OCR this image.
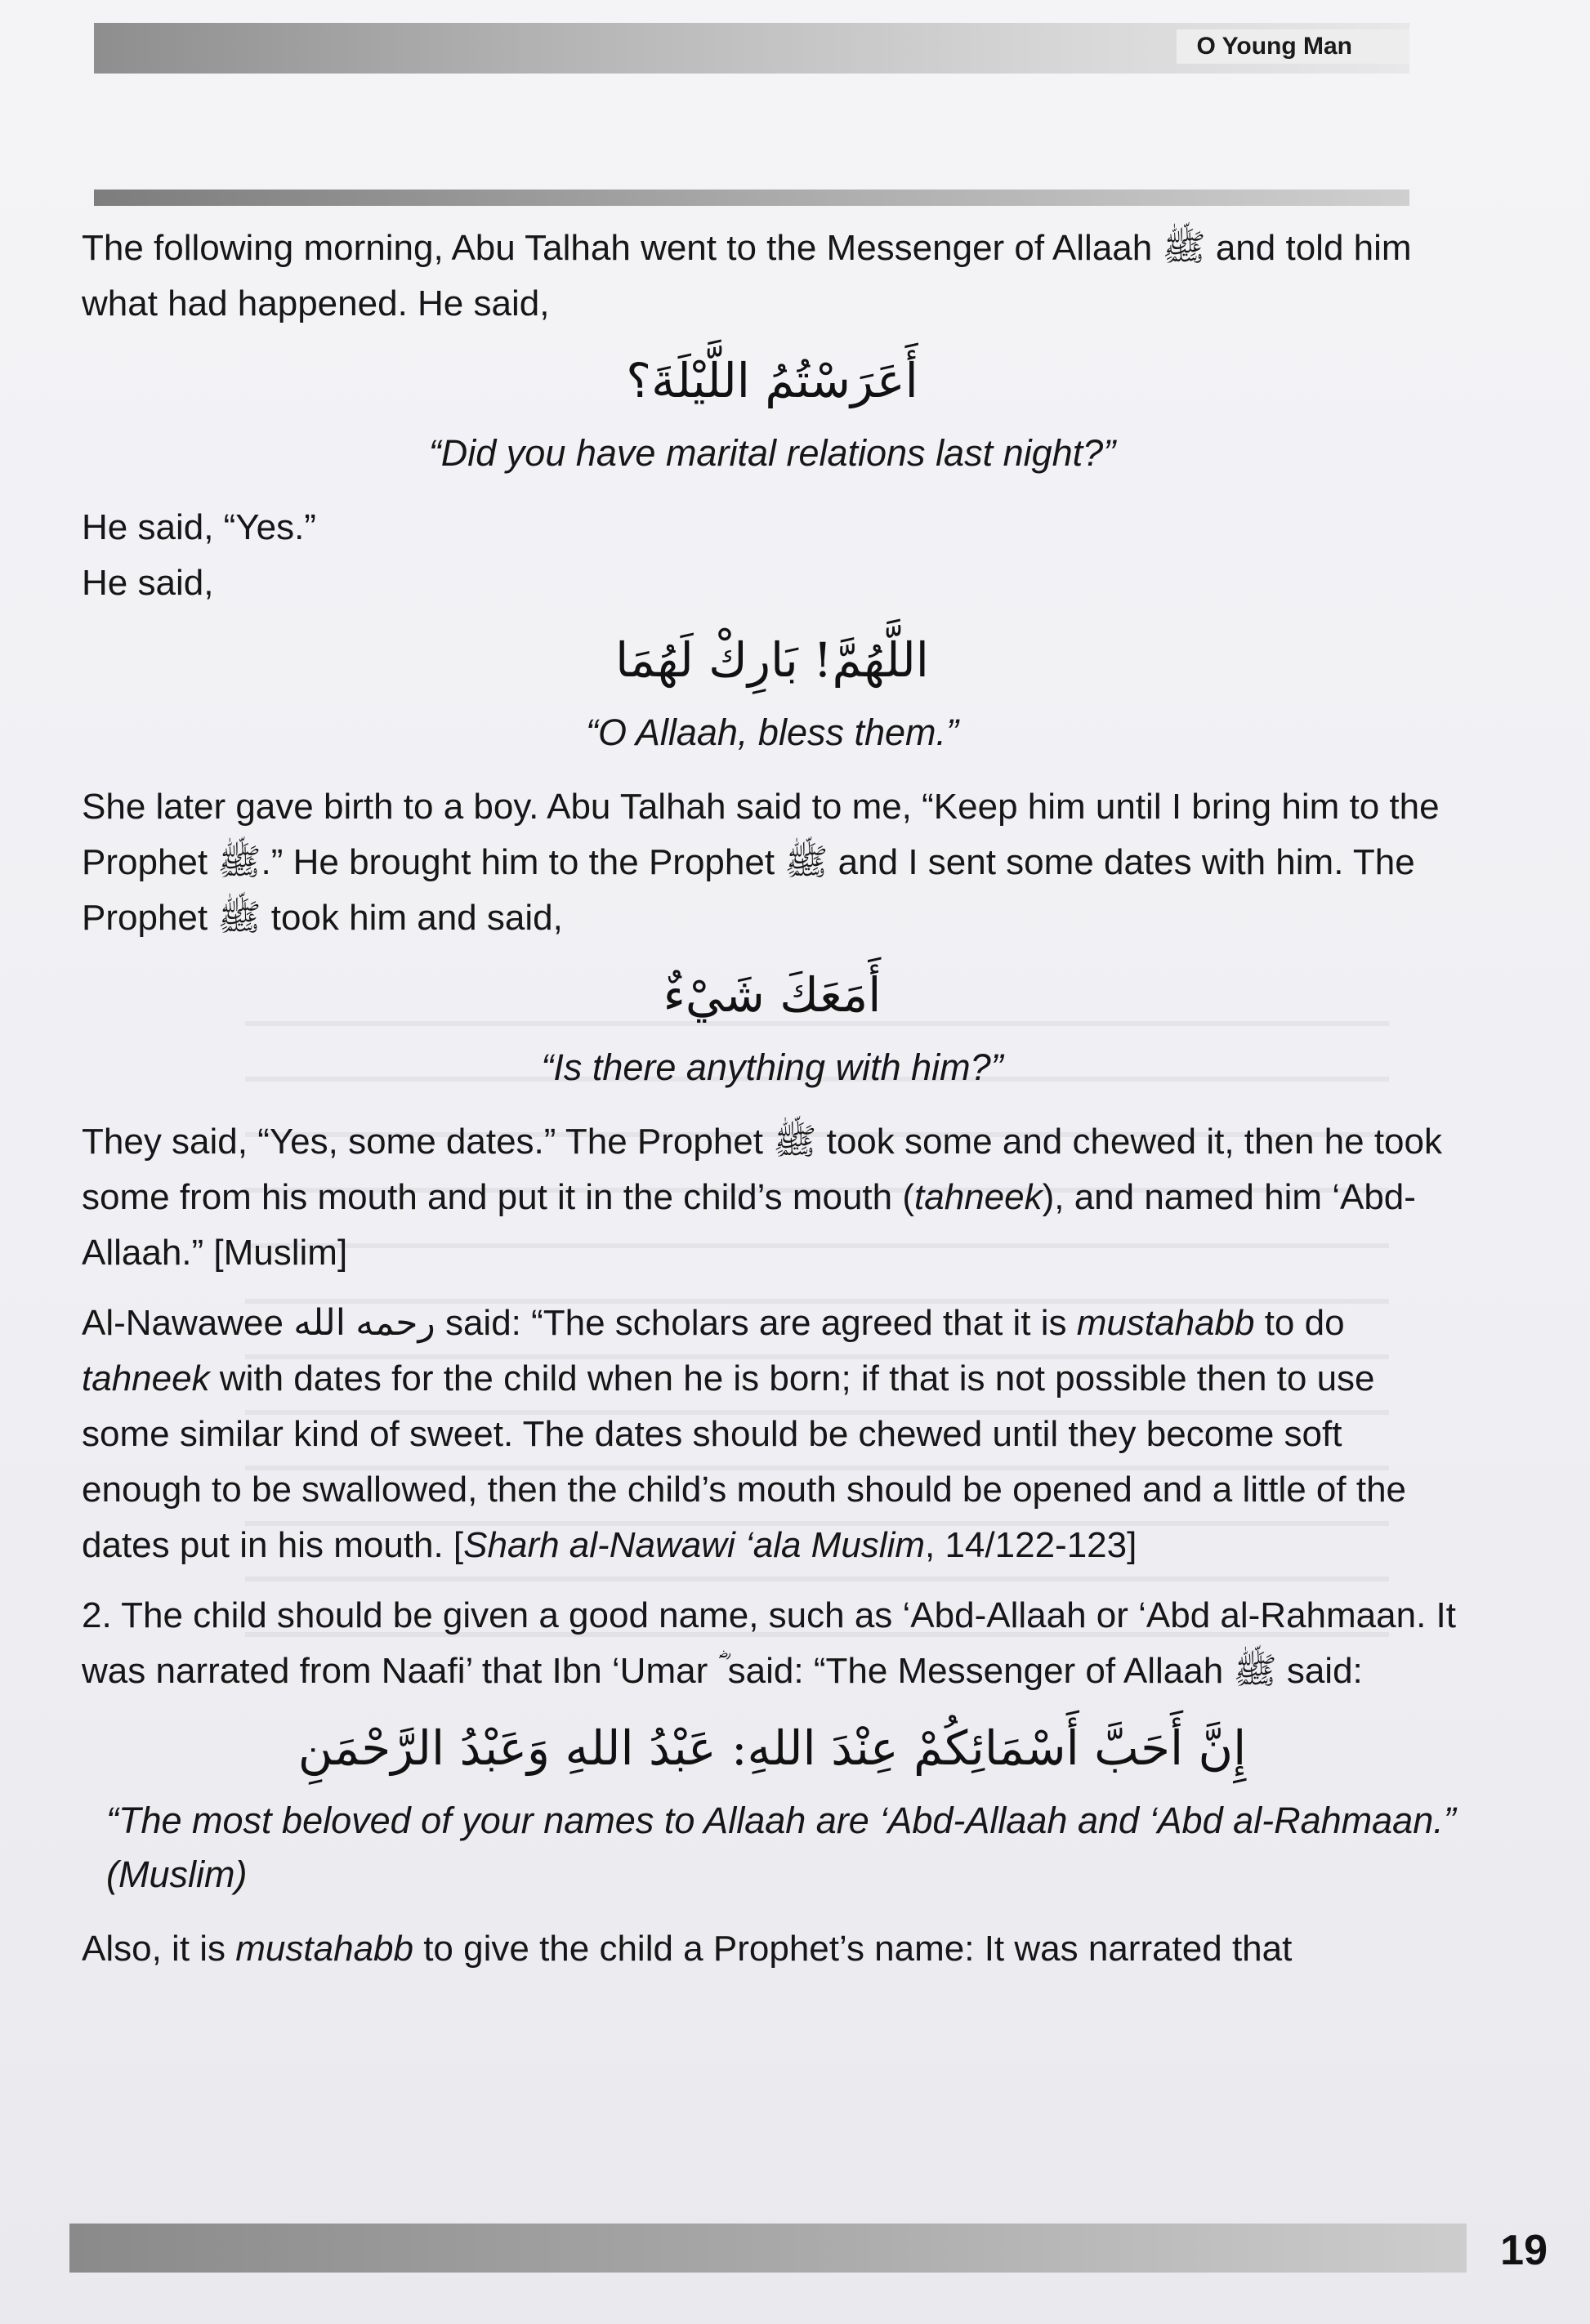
O Young Man

The following morning, Abu Talhah went to the Messenger of Allaah ﷺ and told him what had happened. He said,

أَعَرَسْتُمُ اللَّيْلَةَ؟
“Did you have marital relations last night?”

He said, “Yes.”

He said,

اللَّهُمَّ! بَارِكْ لَهُمَا
“O Allaah, bless them.”

She later gave birth to a boy. Abu Talhah said to me, “Keep him until I bring him to the Prophet ﷺ.” He brought him to the Prophet ﷺ and I sent some dates with him. The Prophet ﷺ took him and said,

أَمَعَكَ شَيْءٌ
“Is there anything with him?”

They said, “Yes, some dates.” The Prophet ﷺ took some and chewed it, then he took some from his mouth and put it in the child’s mouth (tahneek), and named him ‘Abd-Allaah.” [Muslim]

Al-Nawawee رحمه الله said: “The scholars are agreed that it is mustahabb to do tahneek with dates for the child when he is born; if that is not possible then to use some similar kind of sweet. The dates should be chewed until they become soft enough to be swallowed, then the child’s mouth should be opened and a little of the dates put in his mouth. [Sharh al-Nawawi ‘ala Muslim, 14/122-123]

2. The child should be given a good name, such as ‘Abd-Allaah or ‘Abd al-Rahmaan. It was narrated from Naafi’ that Ibn ‘Umar ؓ said: “The Messenger of Allaah ﷺ said:

إِنَّ أَحَبَّ أَسْمَائِكُمْ عِنْدَ اللهِ: عَبْدُ اللهِ وَعَبْدُ الرَّحْمَنِ
“The most beloved of your names to Allaah are ‘Abd-Allaah and ‘Abd al-Rahmaan.” (Muslim)

Also, it is mustahabb to give the child a Prophet’s name: It was narrated that

19
